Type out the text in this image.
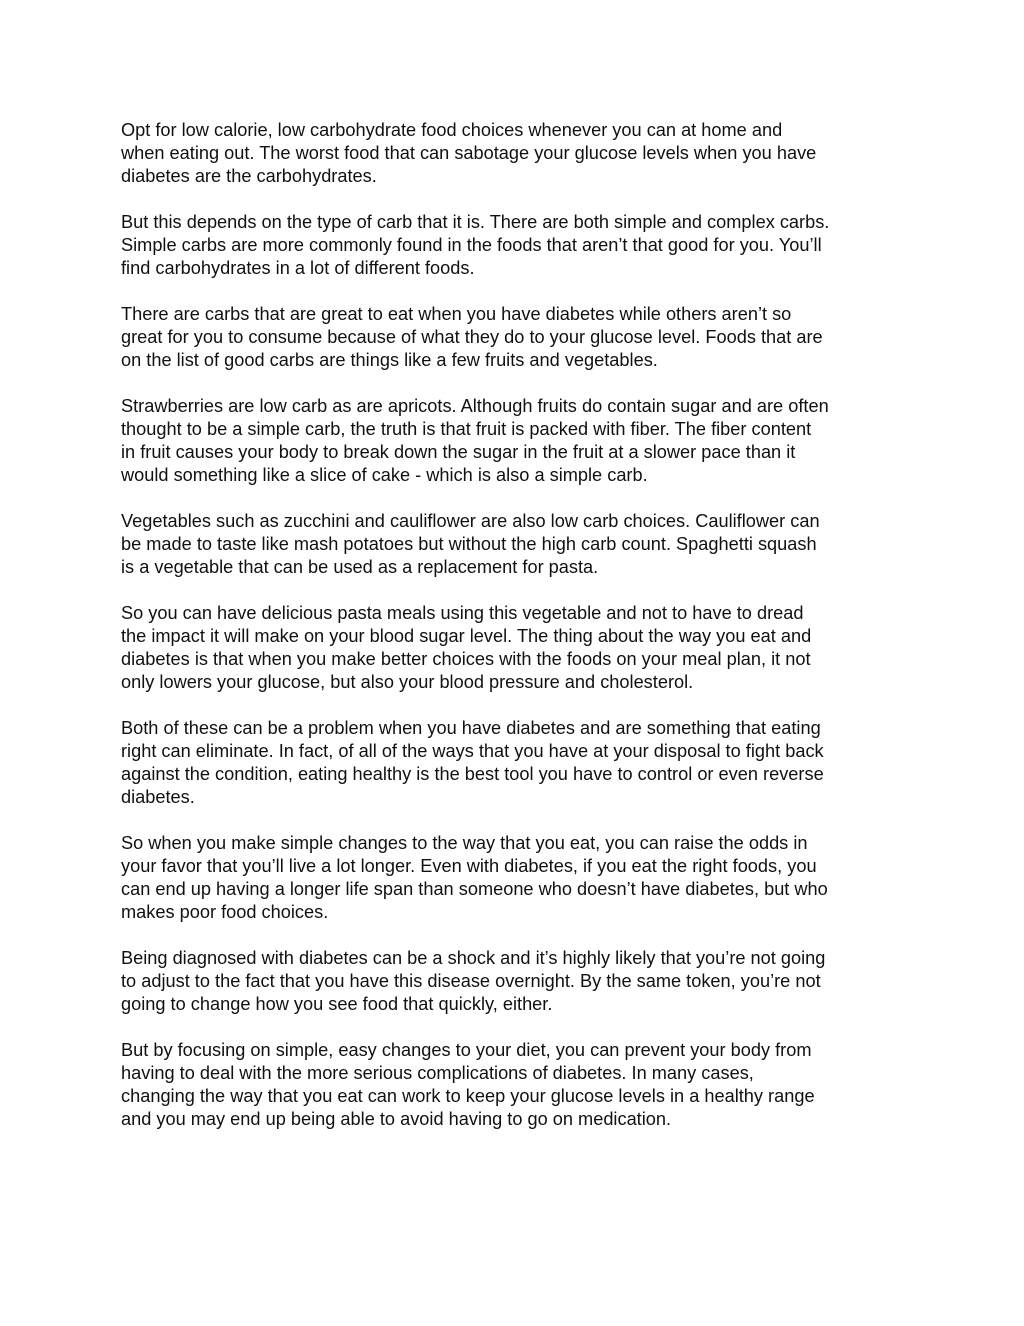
Opt for low calorie, low carbohydrate food choices whenever you can at home and
when eating out. The worst food that can sabotage your glucose levels when you have
diabetes are the carbohydrates.

But this depends on the type of carb that it is. There are both simple and complex carbs.
Simple carbs are more commonly found in the foods that aren’t that good for you. You’ll
find carbohydrates in a lot of different foods.

There are carbs that are great to eat when you have diabetes while others aren’t so
great for you to consume because of what they do to your glucose level. Foods that are
on the list of good carbs are things like a few fruits and vegetables.

Strawberries are low carb as are apricots. Although fruits do contain sugar and are often
thought to be a simple carb, the truth is that fruit is packed with fiber. The fiber content
in fruit causes your body to break down the sugar in the fruit at a slower pace than it
would something like a slice of cake - which is also a simple carb.

Vegetables such as zucchini and cauliflower are also low carb choices. Cauliflower can
be made to taste like mash potatoes but without the high carb count. Spaghetti squash
is a vegetable that can be used as a replacement for pasta.

So you can have delicious pasta meals using this vegetable and not to have to dread
the impact it will make on your blood sugar level. The thing about the way you eat and
diabetes is that when you make better choices with the foods on your meal plan, it not
only lowers your glucose, but also your blood pressure and cholesterol.

Both of these can be a problem when you have diabetes and are something that eating
right can eliminate. In fact, of all of the ways that you have at your disposal to fight back
against the condition, eating healthy is the best tool you have to control or even reverse
diabetes.

So when you make simple changes to the way that you eat, you can raise the odds in
your favor that you’ll live a lot longer. Even with diabetes, if you eat the right foods, you
can end up having a longer life span than someone who doesn’t have diabetes, but who
makes poor food choices.

Being diagnosed with diabetes can be a shock and it’s highly likely that you’re not going
to adjust to the fact that you have this disease overnight. By the same token, you’re not
going to change how you see food that quickly, either.

But by focusing on simple, easy changes to your diet, you can prevent your body from
having to deal with the more serious complications of diabetes. In many cases,
changing the way that you eat can work to keep your glucose levels in a healthy range
and you may end up being able to avoid having to go on medication.
